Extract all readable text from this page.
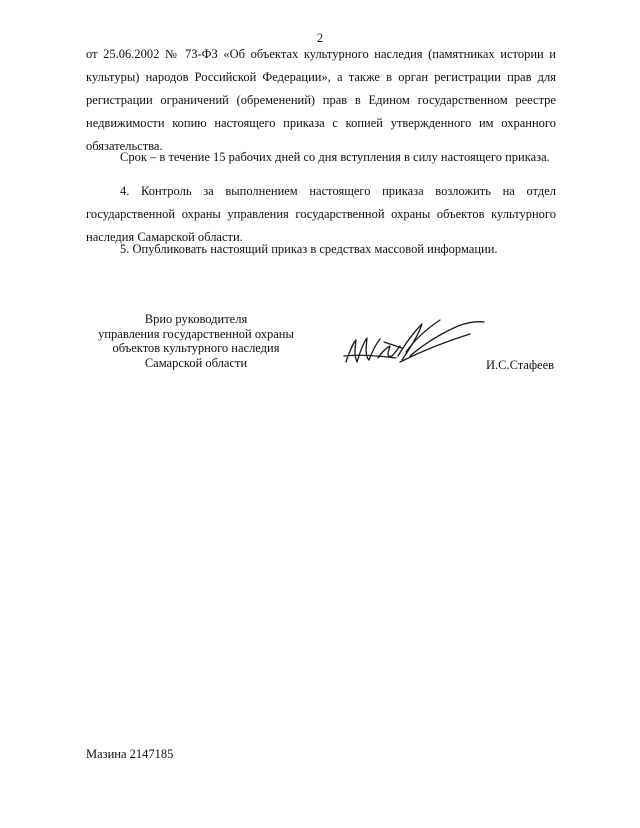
2
от 25.06.2002 № 73-ФЗ «Об объектах культурного наследия (памятниках истории и культуры) народов Российской Федерации», а также в орган регистрации прав для регистрации ограничений (обременений) прав в Едином государственном реестре недвижимости копию настоящего приказа с копией утвержденного им охранного обязательства.
Срок – в течение 15 рабочих дней со дня вступления в силу настоящего приказа.
4. Контроль за выполнением настоящего приказа возложить на отдел государственной охраны управления государственной охраны объектов культурного наследия Самарской области.
5. Опубликовать настоящий приказ в средствах массовой информации.
Врио руководителя
управления государственной охраны
объектов культурного наследия
Самарской области	И.С.Стафеев
Мазина 2147185
